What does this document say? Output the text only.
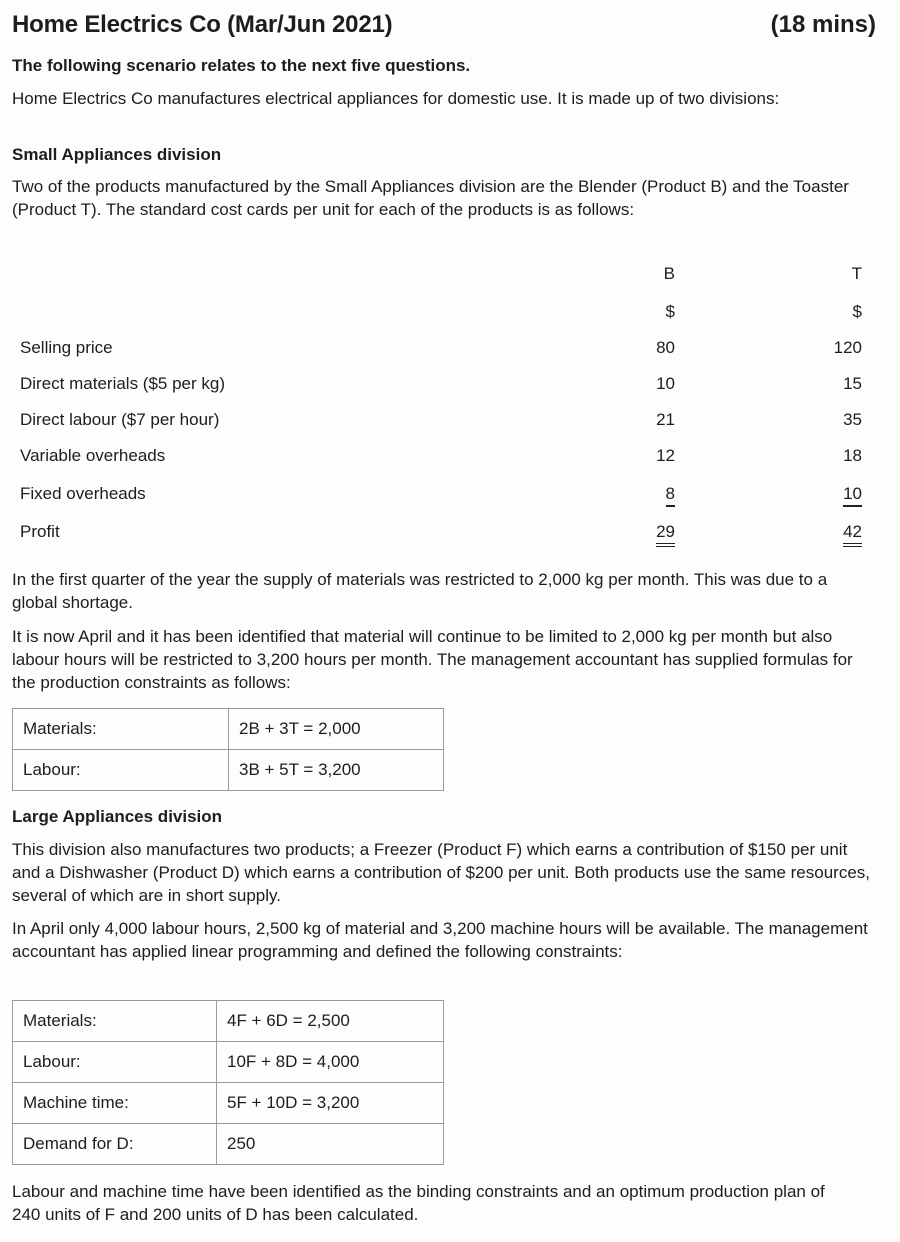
Home Electrics Co (Mar/Jun 2021)	(18 mins)
The following scenario relates to the next five questions.
Home Electrics Co manufactures electrical appliances for domestic use. It is made up of two divisions:
Small Appliances division
Two of the products manufactured by the Small Appliances division are the Blender (Product B) and the Toaster (Product T). The standard cost cards per unit for each of the products is as follows:
B	T
$	$
Selling price	80	120
Direct materials ($5 per kg)	10	15
Direct labour ($7 per hour)	21	35
Variable overheads	12	18
Fixed overheads	8	10
Profit	29	42
In the first quarter of the year the supply of materials was restricted to 2,000 kg per month. This was due to a global shortage.
It is now April and it has been identified that material will continue to be limited to 2,000 kg per month but also labour hours will be restricted to 3,200 hours per month. The management accountant has supplied formulas for the production constraints as follows:
Materials:	2B + 3T = 2,000
Labour:	3B + 5T = 3,200
Large Appliances division
This division also manufactures two products; a Freezer (Product F) which earns a contribution of $150 per unit and a Dishwasher (Product D) which earns a contribution of $200 per unit. Both products use the same resources, several of which are in short supply.
In April only 4,000 labour hours, 2,500 kg of material and 3,200 machine hours will be available. The management accountant has applied linear programming and defined the following constraints:
Materials:	4F + 6D = 2,500
Labour:	10F + 8D = 4,000
Machine time:	5F + 10D = 3,200
Demand for D:	250
Labour and machine time have been identified as the binding constraints and an optimum production plan of 240 units of F and 200 units of D has been calculated.
